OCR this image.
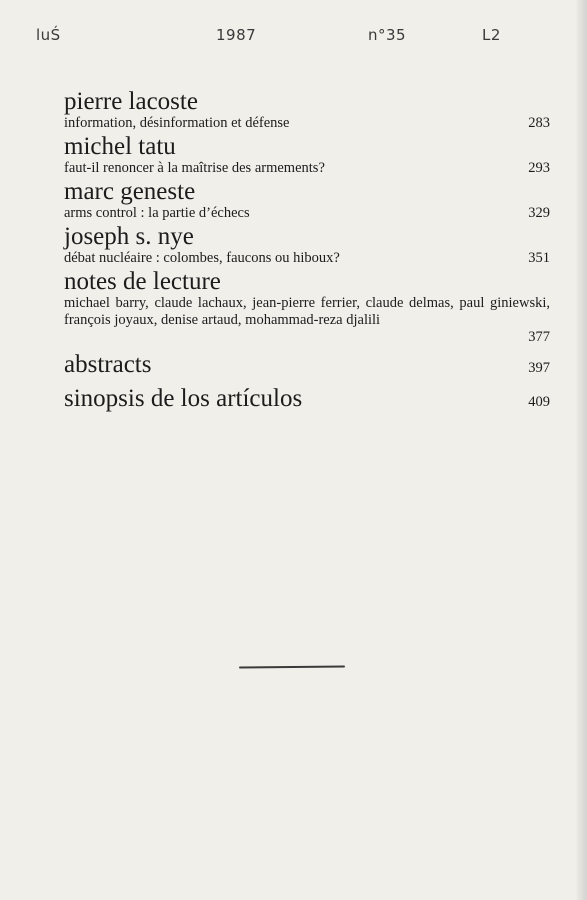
luŚ	1987	n°35	L2
pierre lacoste
information, désinformation et défense	283
michel tatu
faut-il renoncer à la maîtrise des armements?	293
marc geneste
arms control : la partie d’échecs	329
joseph s. nye
débat nucléaire : colombes, faucons ou hiboux?	351
notes de lecture
michael barry, claude lachaux, jean-pierre ferrier, claude delmas, paul giniewski, françois joyaux, denise artaud, mohammad-reza djalili
377
abstracts	397
sinopsis de los artículos	409
